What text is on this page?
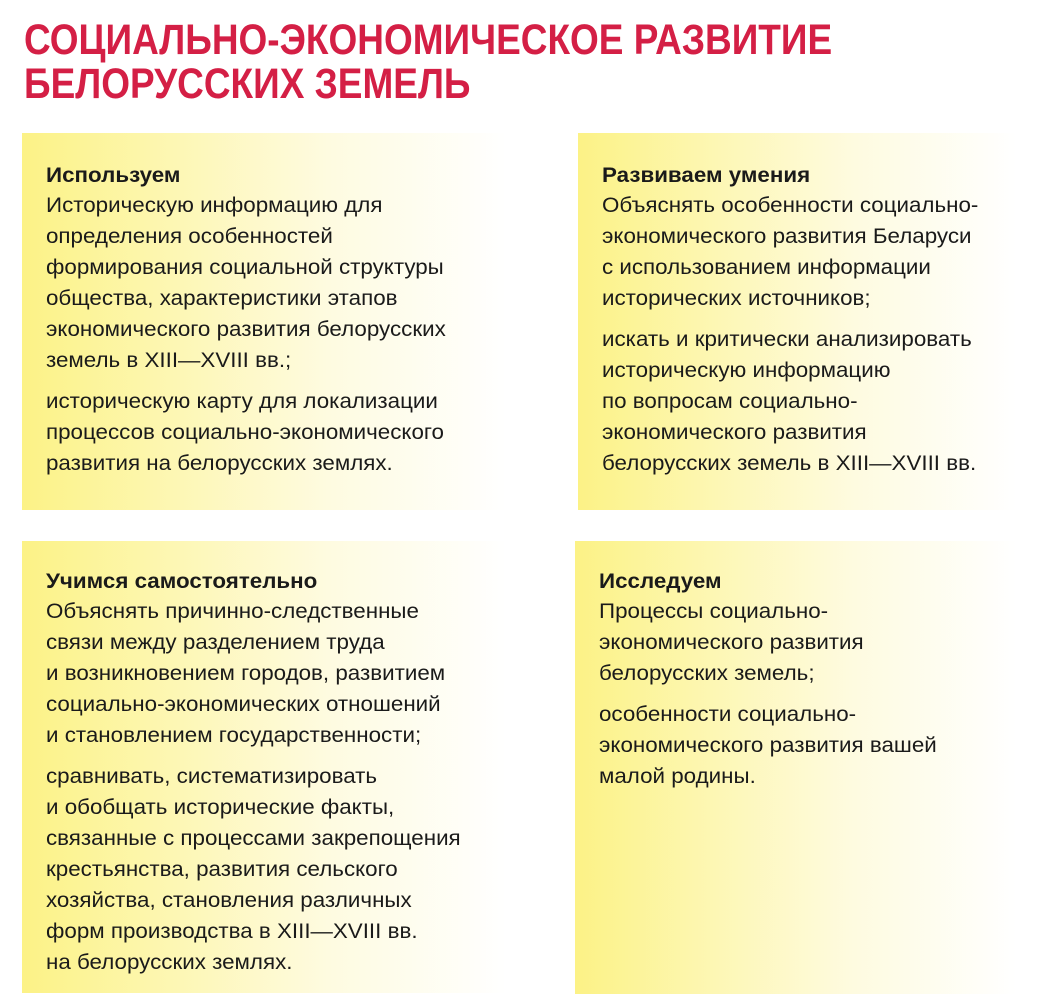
СОЦИАЛЬНО-ЭКОНОМИЧЕСКОЕ РАЗВИТИЕ
БЕЛОРУССКИХ ЗЕМЕЛЬ
Используем

Историческую информацию для
определения особенностей
формирования социальной структуры
общества, характеристики этапов
экономического развития белорусских
земель в XIII—XVIII вв.;

историческую карту для локализации
процессов социально-экономического
развития на белорусских землях.

Развиваем умения

Объяснять особенности социально-
экономического развития Беларуси
с использованием информации
исторических источников;

искать и критически анализировать
историческую информацию
по вопросам социально-
экономического развития
белорусских земель в XIII—XVIII вв.

Учимся самостоятельно

Объяснять причинно-следственные
связи между разделением труда
и возникновением городов, развитием
социально-экономических отношений
и становлением государственности;

сравнивать, систематизировать
и обобщать исторические факты,
связанные с процессами закрепощения
крестьянства, развития сельского
хозяйства, становления различных
форм производства в XIII—XVIII вв.
на белорусских землях.

Исследуем

Процессы социально-
экономического развития
белорусских земель;

особенности социально-
экономического развития вашей
малой родины.
